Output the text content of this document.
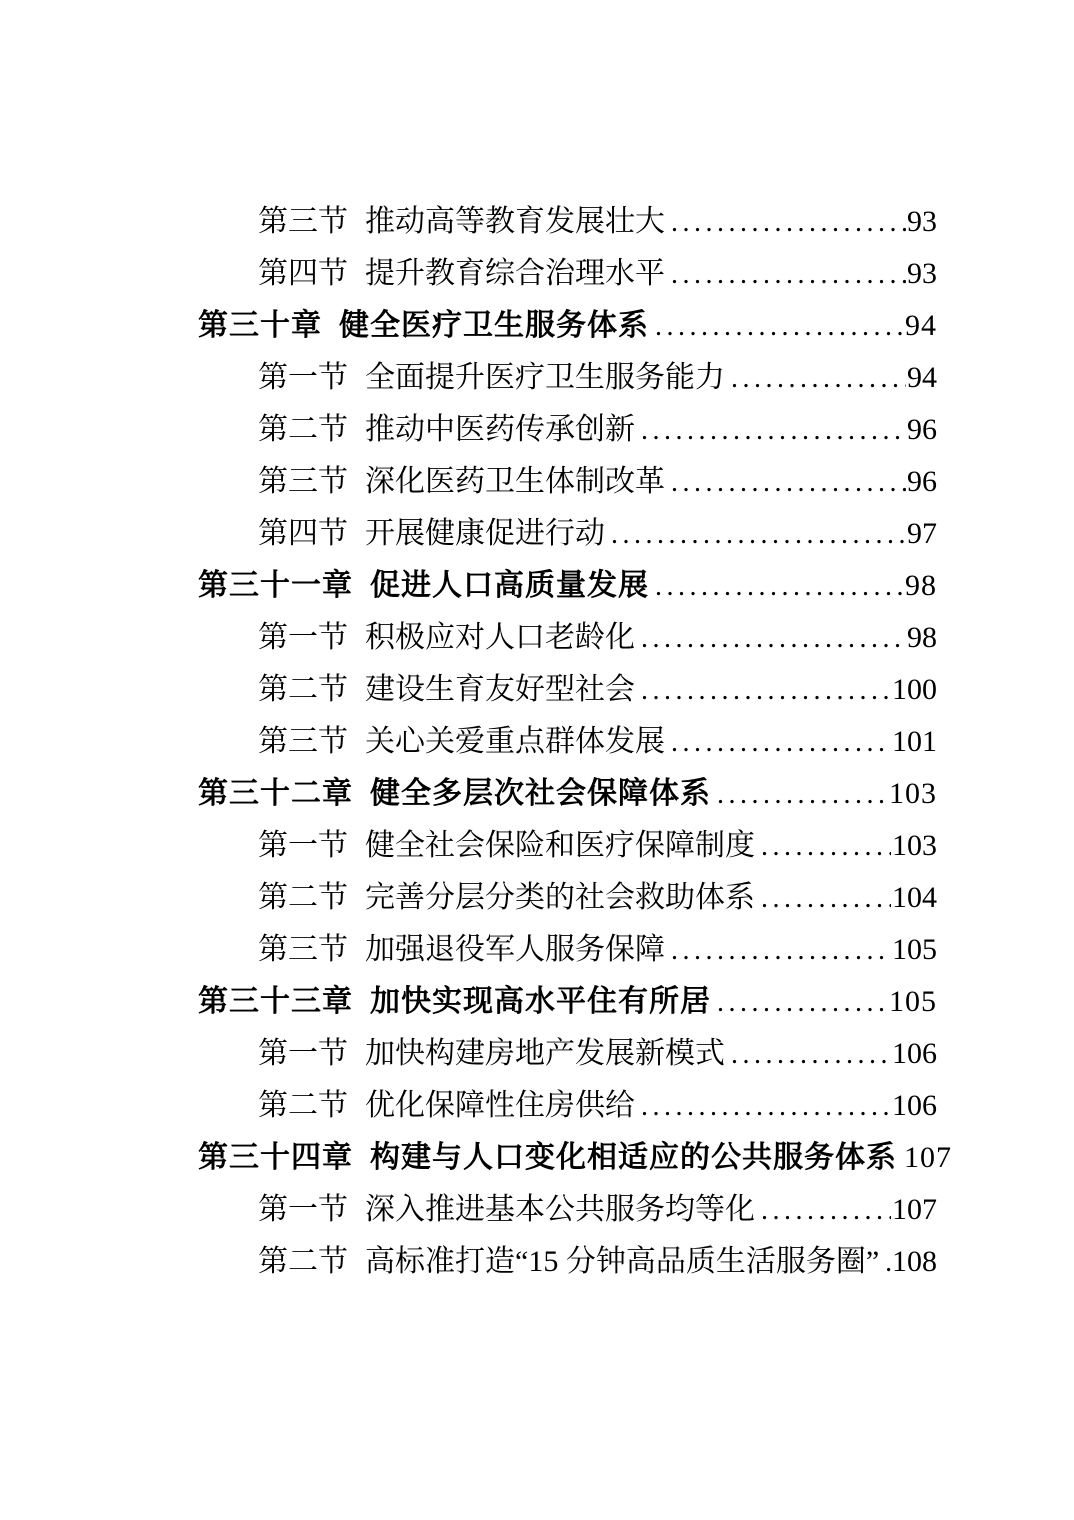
第三节 推动高等教育发展壮大 .....	93
第四节 提升教育综合治理水平 .....	93
第三十章 健全医疗卫生服务体系 .....	94
第一节 全面提升医疗卫生服务能力 .....	94
第二节 推动中医药传承创新 .....	96
第三节 深化医药卫生体制改革 .....	96
第四节 开展健康促进行动 .....	97
第三十一章 促进人口高质量发展 .....	98
第一节 积极应对人口老龄化 .....	98
第二节 建设生育友好型社会 .....	100
第三节 关心关爱重点群体发展 .....	101
第三十二章 健全多层次社会保障体系 .....	103
第一节 健全社会保险和医疗保障制度 .....	103
第二节 完善分层分类的社会救助体系 .....	104
第三节 加强退役军人服务保障 .....	105
第三十三章 加快实现高水平住有所居 .....	105
第一节 加快构建房地产发展新模式 .....	106
第二节 优化保障性住房供给 .....	106
第三十四章 构建与人口变化相适应的公共服务体系 107
第一节 深入推进基本公共服务均等化 .....	107
第二节 高标准打造“15 分钟高品质生活服务圈” ..... 108
